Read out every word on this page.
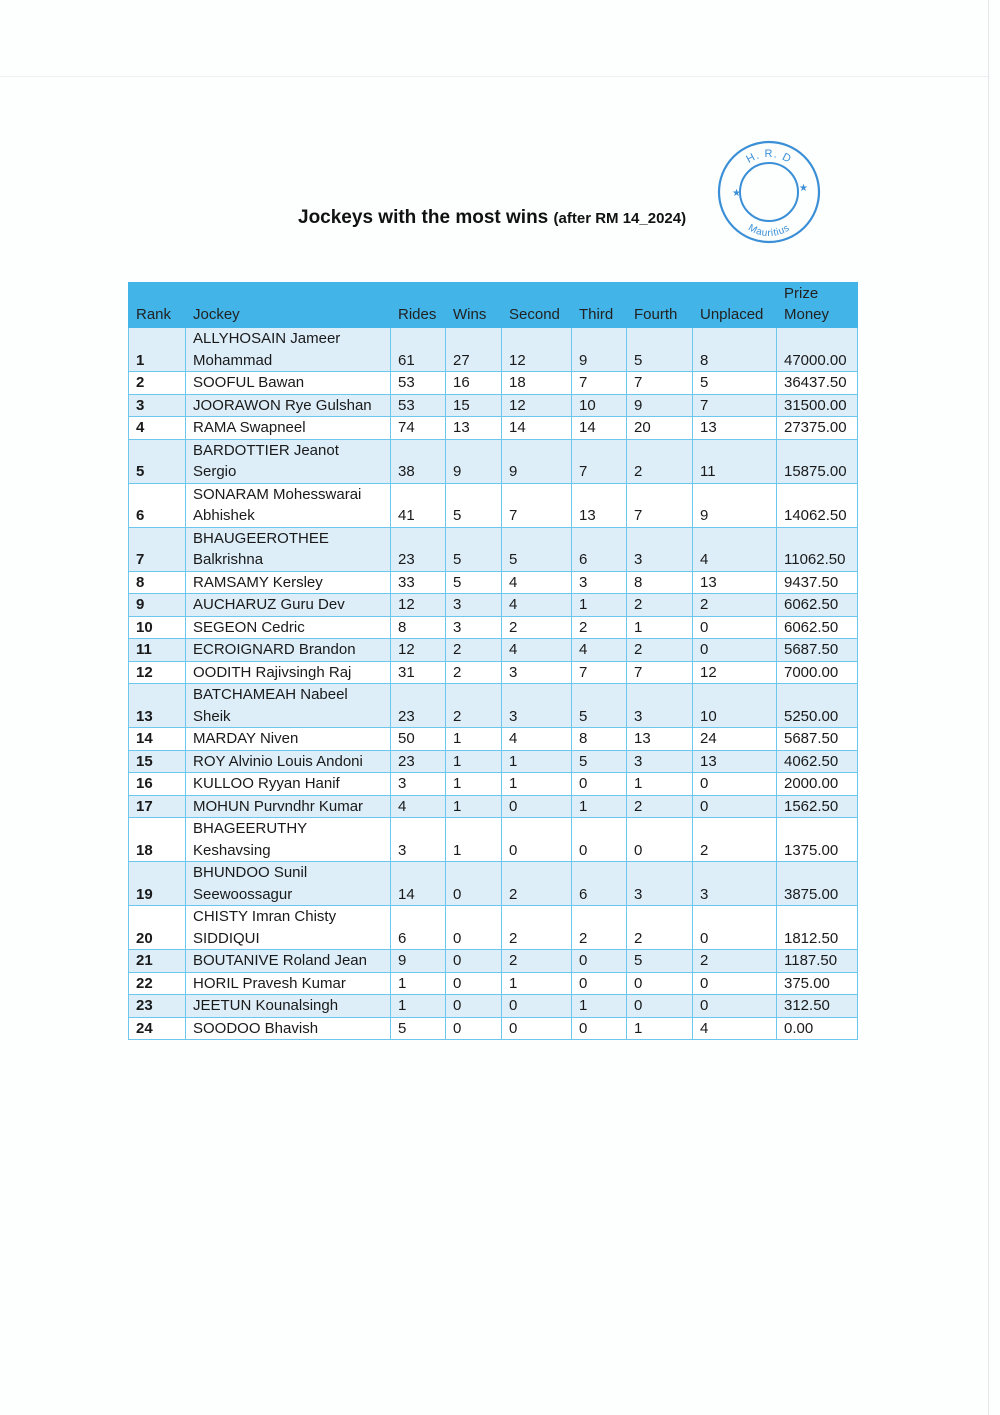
Jockeys with the most wins (after RM 14_2024)
H. R. D
Mauritius
★	★
Rank	Jockey	Rides	Wins	Second	Third	Fourth	Unplaced	Prize
Money
1	ALLYHOSAIN Jameer
Mohammad	61	27	12	9	5	8	47000.00
2	SOOFUL Bawan	53	16	18	7	7	5	36437.50
3	JOORAWON Rye Gulshan	53	15	12	10	9	7	31500.00
4	RAMA Swapneel	74	13	14	14	20	13	27375.00
5	BARDOTTIER Jeanot Sergio	38	9	9	7	2	11	15875.00
6	SONARAM Mohesswarai
Abhishek	41	5	7	13	7	9	14062.50
7	BHAUGEEROTHEE
Balkrishna	23	5	5	6	3	4	11062.50
8	RAMSAMY Kersley	33	5	4	3	8	13	9437.50
9	AUCHARUZ Guru Dev	12	3	4	1	2	2	6062.50
10	SEGEON Cedric	8	3	2	2	1	0	6062.50
11	ECROIGNARD Brandon	12	2	4	4	2	0	5687.50
12	OODITH Rajivsingh Raj	31	2	3	7	7	12	7000.00
13	BATCHAMEAH Nabeel
Sheik	23	2	3	5	3	10	5250.00
14	MARDAY Niven	50	1	4	8	13	24	5687.50
15	ROY Alvinio Louis Andoni	23	1	1	5	3	13	4062.50
16	KULLOO Ryyan Hanif	3	1	1	0	1	0	2000.00
17	MOHUN Purvndhr Kumar	4	1	0	1	2	0	1562.50
18	BHAGEERUTHY Keshavsing	3	1	0	0	0	2	1375.00
19	BHUNDOO Sunil
Seewoossagur	14	0	2	6	3	3	3875.00
20	CHISTY Imran Chisty
SIDDIQUI	6	0	2	2	2	0	1812.50
21	BOUTANIVE Roland Jean	9	0	2	0	5	2	1187.50
22	HORIL Pravesh Kumar	1	0	1	0	0	0	375.00
23	JEETUN Kounalsingh	1	0	0	1	0	0	312.50
24	SOODOO Bhavish	5	0	0	0	1	4	0.00
